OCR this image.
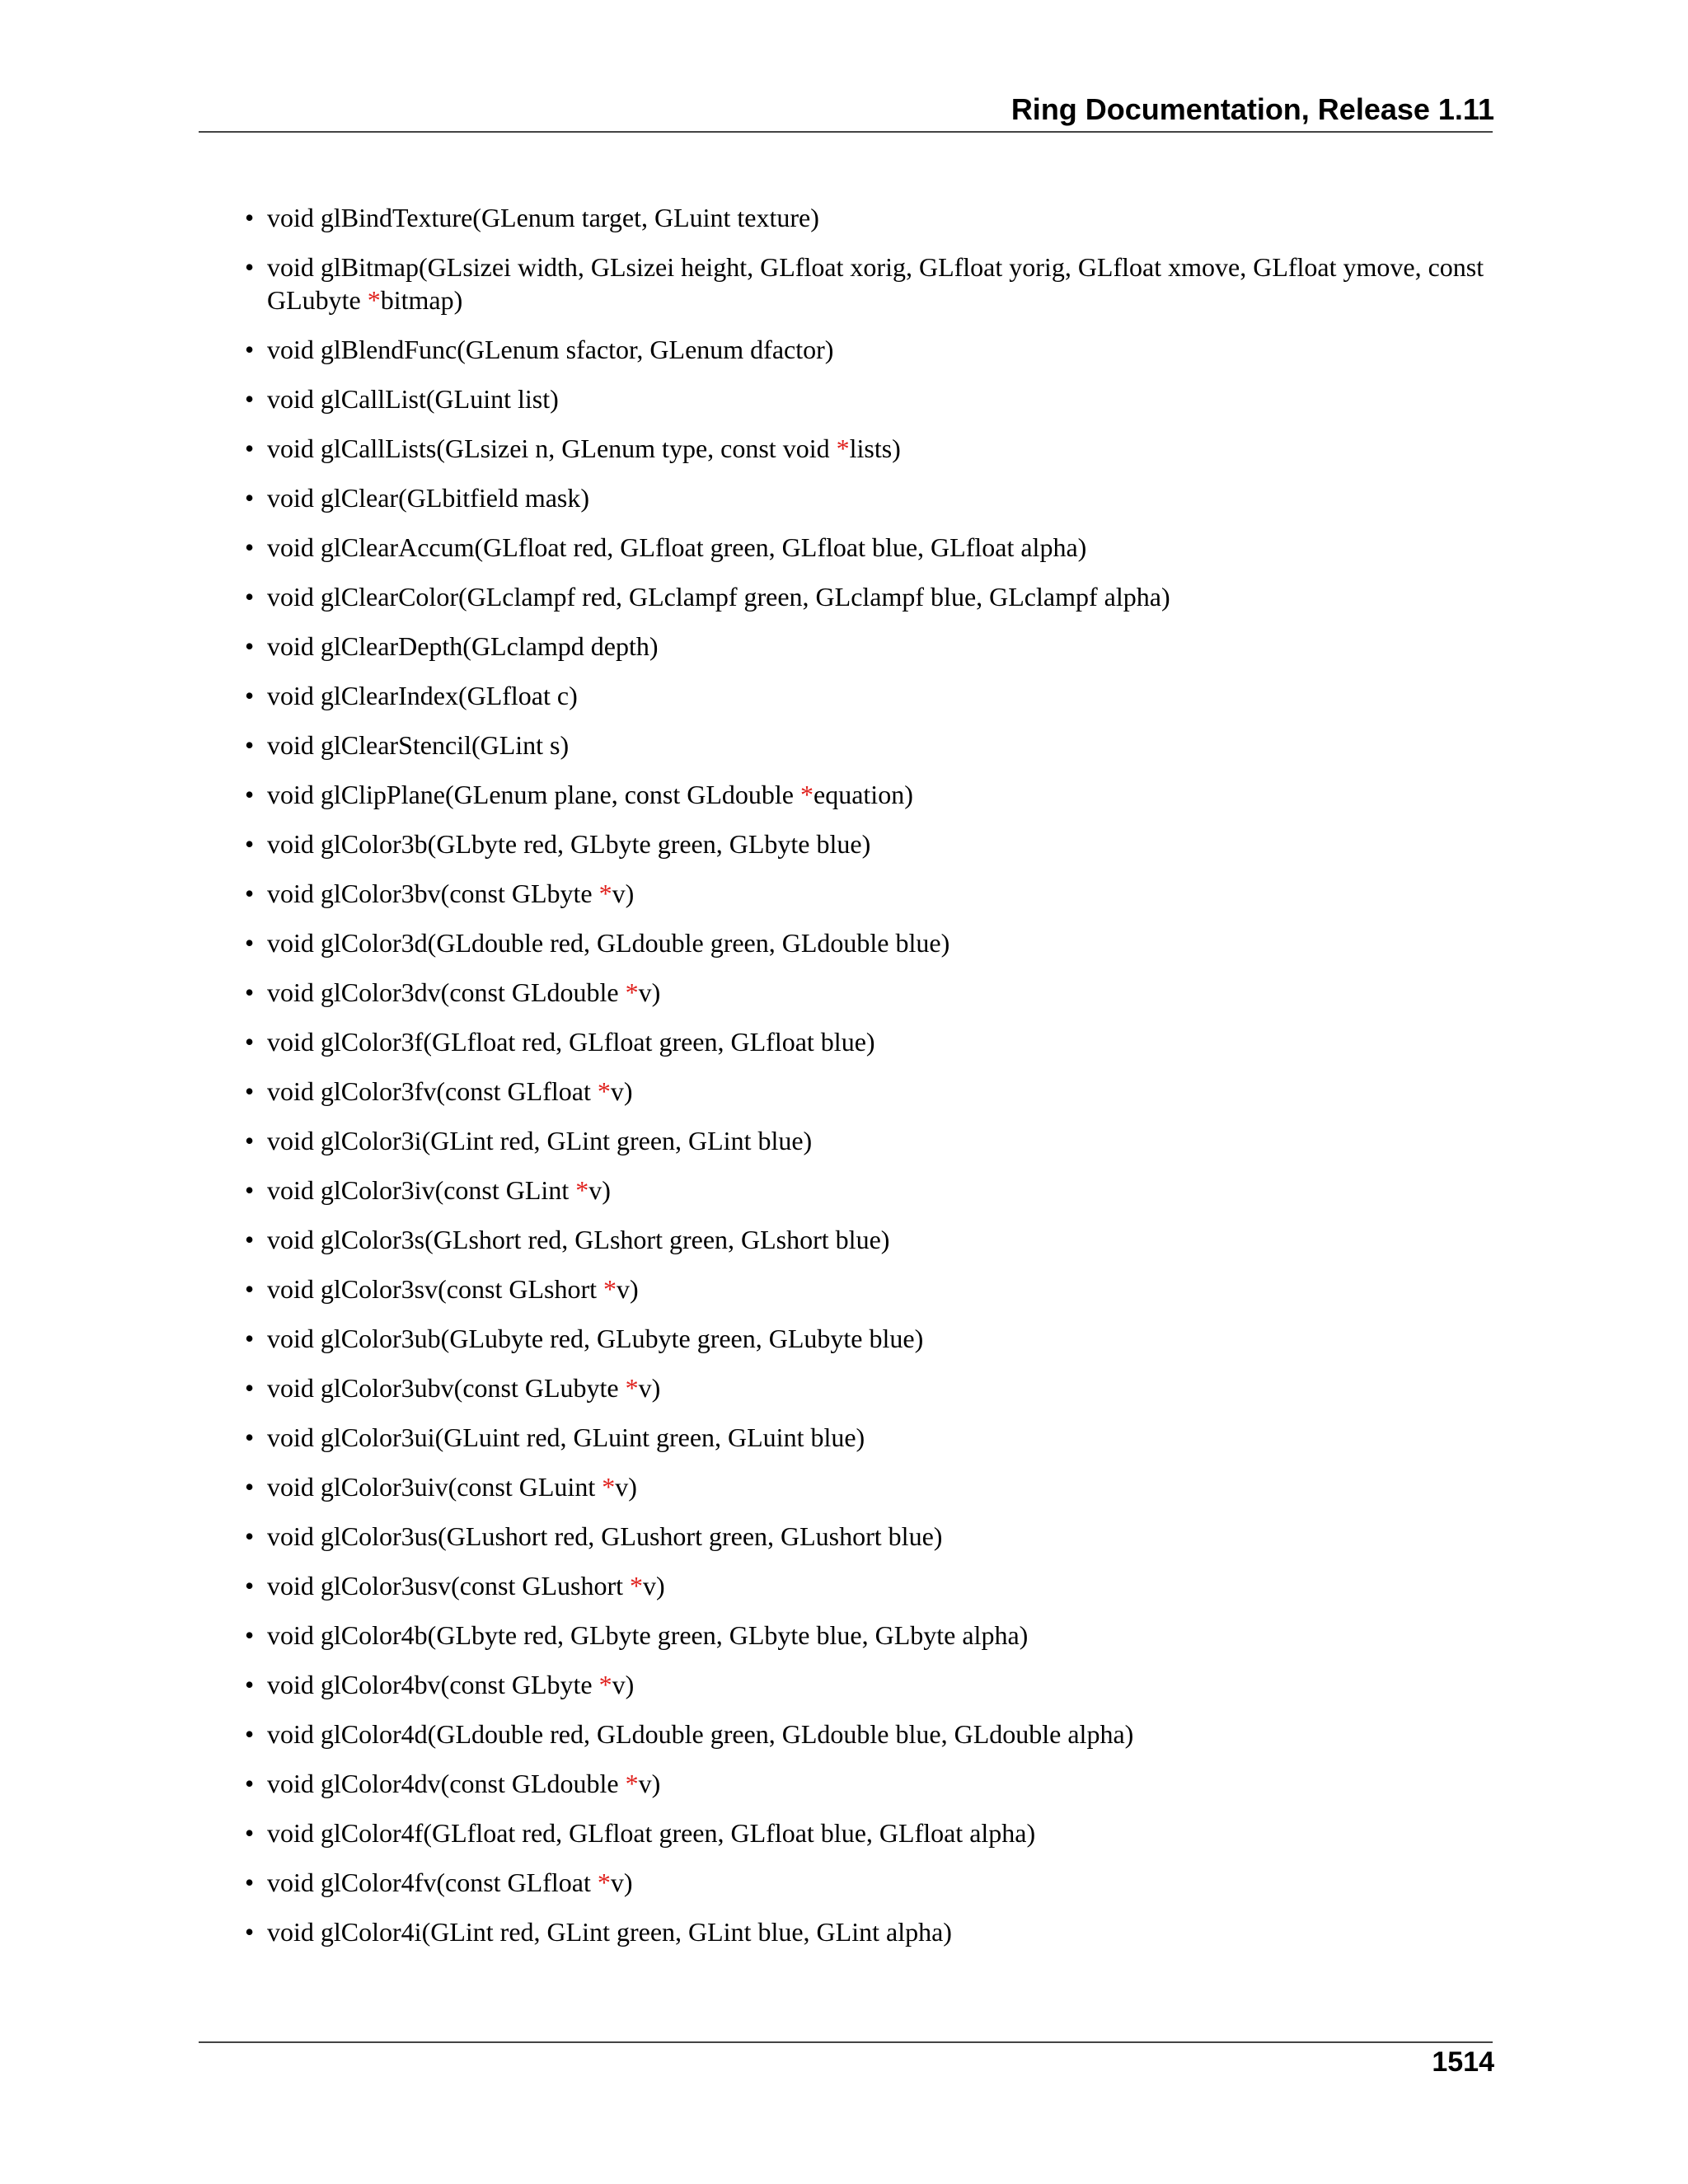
Ring Documentation, Release 1.11
• void glBindTexture(GLenum target, GLuint texture)
• void glBitmap(GLsizei width, GLsizei height, GLfloat xorig, GLfloat yorig, GLfloat xmove, GLfloat ymove, const GLubyte *bitmap)
• void glBlendFunc(GLenum sfactor, GLenum dfactor)
• void glCallList(GLuint list)
• void glCallLists(GLsizei n, GLenum type, const void *lists)
• void glClear(GLbitfield mask)
• void glClearAccum(GLfloat red, GLfloat green, GLfloat blue, GLfloat alpha)
• void glClearColor(GLclampf red, GLclampf green, GLclampf blue, GLclampf alpha)
• void glClearDepth(GLclampd depth)
• void glClearIndex(GLfloat c)
• void glClearStencil(GLint s)
• void glClipPlane(GLenum plane, const GLdouble *equation)
• void glColor3b(GLbyte red, GLbyte green, GLbyte blue)
• void glColor3bv(const GLbyte *v)
• void glColor3d(GLdouble red, GLdouble green, GLdouble blue)
• void glColor3dv(const GLdouble *v)
• void glColor3f(GLfloat red, GLfloat green, GLfloat blue)
• void glColor3fv(const GLfloat *v)
• void glColor3i(GLint red, GLint green, GLint blue)
• void glColor3iv(const GLint *v)
• void glColor3s(GLshort red, GLshort green, GLshort blue)
• void glColor3sv(const GLshort *v)
• void glColor3ub(GLubyte red, GLubyte green, GLubyte blue)
• void glColor3ubv(const GLubyte *v)
• void glColor3ui(GLuint red, GLuint green, GLuint blue)
• void glColor3uiv(const GLuint *v)
• void glColor3us(GLushort red, GLushort green, GLushort blue)
• void glColor3usv(const GLushort *v)
• void glColor4b(GLbyte red, GLbyte green, GLbyte blue, GLbyte alpha)
• void glColor4bv(const GLbyte *v)
• void glColor4d(GLdouble red, GLdouble green, GLdouble blue, GLdouble alpha)
• void glColor4dv(const GLdouble *v)
• void glColor4f(GLfloat red, GLfloat green, GLfloat blue, GLfloat alpha)
• void glColor4fv(const GLfloat *v)
• void glColor4i(GLint red, GLint green, GLint blue, GLint alpha)
1514
